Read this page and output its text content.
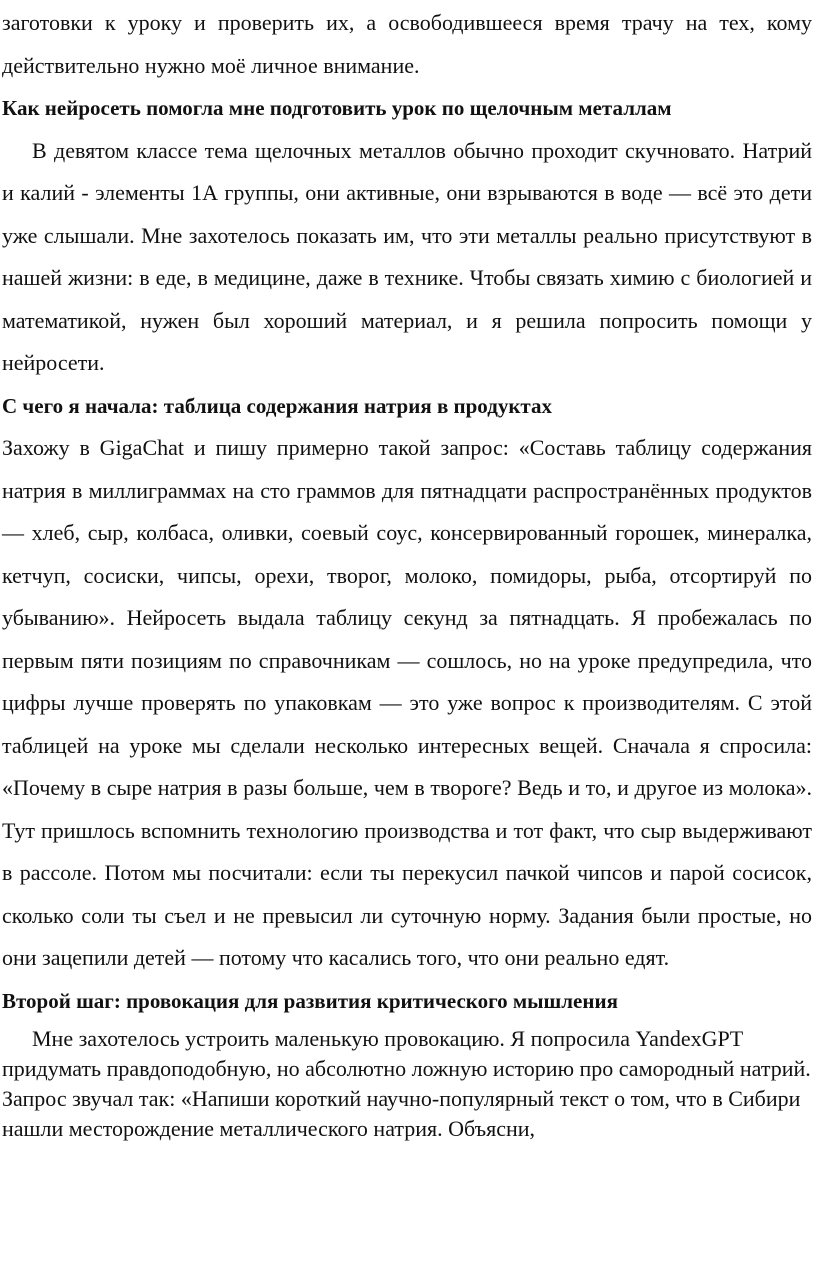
заготовки к уроку и проверить их, а освободившееся время трачу на тех, кому действительно нужно моё личное внимание.

Как нейросеть помогла мне подготовить урок по щелочным металлам

В девятом классе тема щелочных металлов обычно проходит скучновато. Натрий и калий - элементы 1А группы, они активные, они взрываются в воде — всё это дети уже слышали. Мне захотелось показать им, что эти металлы реально присутствуют в нашей жизни: в еде, в медицине, даже в технике. Чтобы связать химию с биологией и математикой, нужен был хороший материал, и я решила попросить помощи у нейросети.

С чего я начала: таблица содержания натрия в продуктах

Захожу в GigaChat и пишу примерно такой запрос: «Составь таблицу содержания натрия в миллиграммах на сто граммов для пятнадцати распространённых продуктов — хлеб, сыр, колбаса, оливки, соевый соус, консервированный горошек, минералка, кетчуп, сосиски, чипсы, орехи, творог, молоко, помидоры, рыба, отсортируй по убыванию». Нейросеть выдала таблицу секунд за пятнадцать. Я пробежалась по первым пяти позициям по справочникам — сошлось, но на уроке предупредила, что цифры лучше проверять по упаковкам — это уже вопрос к производителям. С этой таблицей на уроке мы сделали несколько интересных вещей. Сначала я спросила: «Почему в сыре натрия в разы больше, чем в твороге? Ведь и то, и другое из молока». Тут пришлось вспомнить технологию производства и тот факт, что сыр выдерживают в рассоле. Потом мы посчитали: если ты перекусил пачкой чипсов и парой сосисок, сколько соли ты съел и не превысил ли суточную норму. Задания были простые, но они зацепили детей — потому что касались того, что они реально едят.

Второй шаг: провокация для развития критического мышления

Мне захотелось устроить маленькую провокацию. Я попросила YandexGPT придумать правдоподобную, но абсолютно ложную историю про самородный натрий. Запрос звучал так: «Напиши короткий научно-популярный текст о том, что в Сибири нашли месторождение металлического натрия. Объясни,
